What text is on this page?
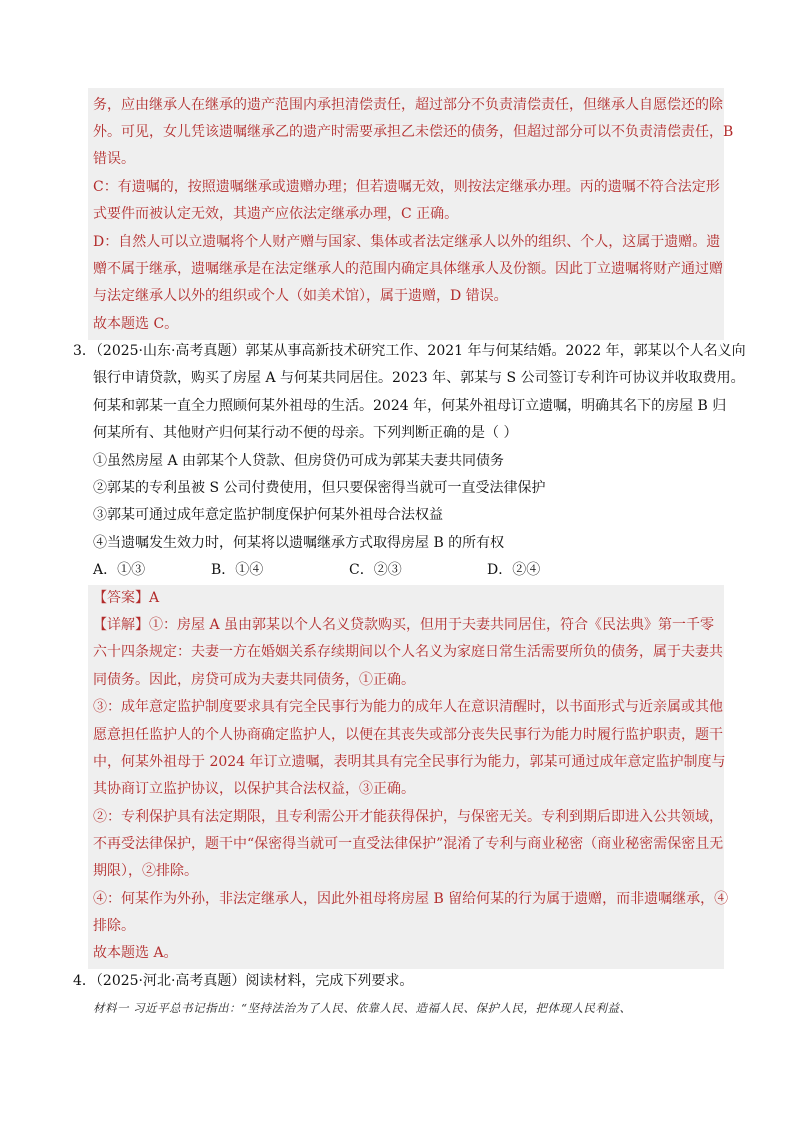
务，应由继承人在继承的遗产范围内承担清偿责任，超过部分不负责清偿责任，但继承人自愿偿还的除
外。可见，女儿凭该遗嘱继承乙的遗产时需要承担乙未偿还的债务，但超过部分可以不负责清偿责任，B
错误。
C：有遗嘱的，按照遗嘱继承或遗赠办理；但若遗嘱无效，则按法定继承办理。丙的遗嘱不符合法定形
式要件而被认定无效，其遗产应依法定继承办理，C 正确。
D：自然人可以立遗嘱将个人财产赠与国家、集体或者法定继承人以外的组织、个人，这属于遗赠。遗
赠不属于继承，遗嘱继承是在法定继承人的范围内确定具体继承人及份额。因此丁立遗嘱将财产通过赠
与法定继承人以外的组织或个人（如美术馆），属于遗赠，D 错误。
故本题选 C。
3．（2025·山东·高考真题）郭某从事高新技术研究工作、2021 年与何某结婚。2022 年，郭某以个人名义向
银行申请贷款，购买了房屋 A 与何某共同居住。2023 年、郭某与 S 公司签订专利许可协议并收取费用。
何某和郭某一直全力照顾何某外祖母的生活。2024 年，何某外祖母订立遗嘱，明确其名下的房屋 B 归
何某所有、其他财产归何某行动不便的母亲。下列判断正确的是（ ）
①虽然房屋 A 由郭某个人贷款、但房贷仍可成为郭某夫妻共同债务
②郭某的专利虽被 S 公司付费使用，但只要保密得当就可一直受法律保护
③郭某可通过成年意定监护制度保护何某外祖母合法权益
④当遗嘱发生效力时，何某将以遗嘱继承方式取得房屋 B 的所有权
A．①③	B．①④	C．②③	D．②④
【答案】A
【详解】①：房屋 A 虽由郭某以个人名义贷款购买，但用于夫妻共同居住，符合《民法典》第一千零
六十四条规定：夫妻一方在婚姻关系存续期间以个人名义为家庭日常生活需要所负的债务，属于夫妻共
同债务。因此，房贷可成为夫妻共同债务，①正确。
③：成年意定监护制度要求具有完全民事行为能力的成年人在意识清醒时，以书面形式与近亲属或其他
愿意担任监护人的个人协商确定监护人，以便在其丧失或部分丧失民事行为能力时履行监护职责，题干
中，何某外祖母于 2024 年订立遗嘱，表明其具有完全民事行为能力，郭某可通过成年意定监护制度与
其协商订立监护协议，以保护其合法权益，③正确。
②：专利保护具有法定期限，且专利需公开才能获得保护，与保密无关。专利到期后即进入公共领域，
不再受法律保护，题干中“保密得当就可一直受法律保护”混淆了专利与商业秘密（商业秘密需保密且无
期限），②排除。
④：何某作为外孙，非法定继承人，因此外祖母将房屋 B 留给何某的行为属于遗赠，而非遗嘱继承，④
排除。
故本题选 A。
4．（2025·河北·高考真题）阅读材料，完成下列要求。
材料一 习近平总书记指出：“坚持法治为了人民、依靠人民、造福人民、保护人民，把体现人民利益、
